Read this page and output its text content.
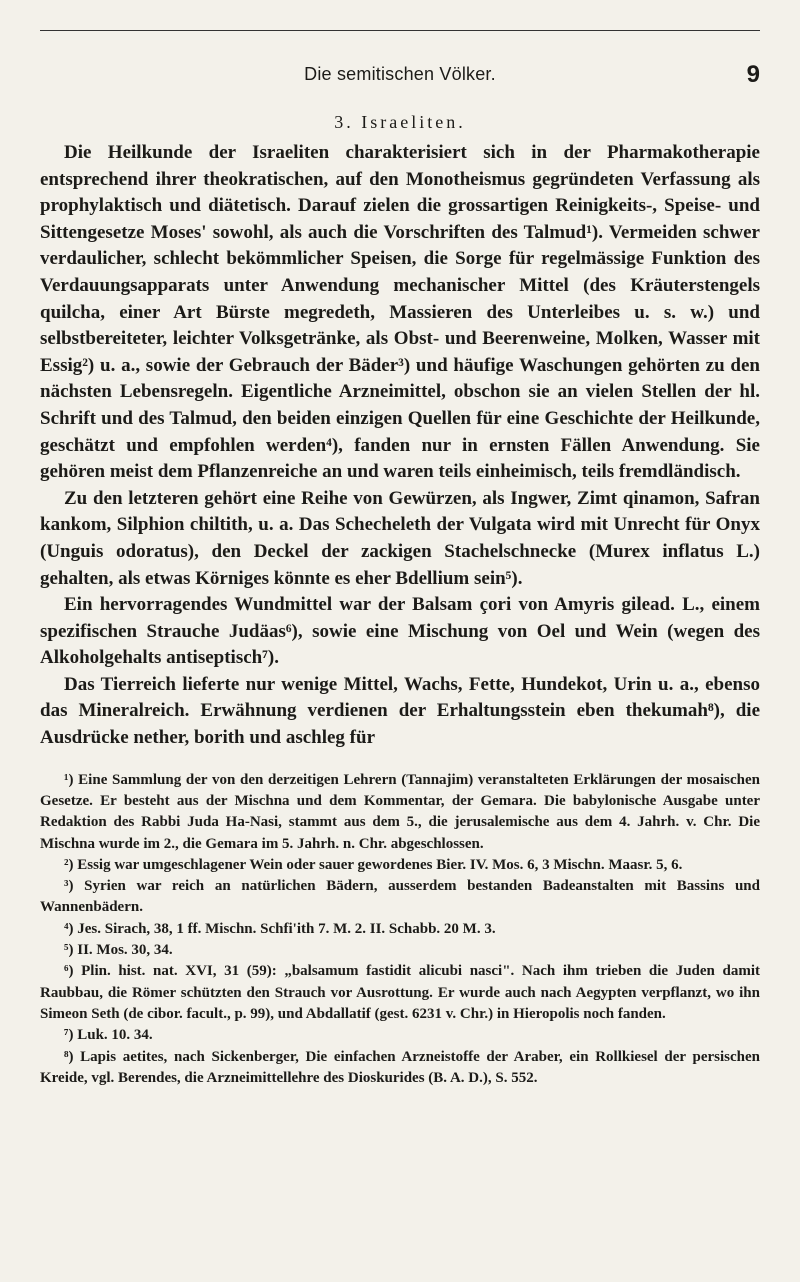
Die semitischen Völker.	9
3. Israeliten.

Die Heilkunde der Israeliten charakterisiert sich in der Pharmakotherapie entsprechend ihrer theokratischen, auf den Monotheismus gegründeten Verfassung als prophylaktisch und diätetisch. Darauf zielen die grossartigen Reinigkeits-, Speise- und Sittengesetze Moses' sowohl, als auch die Vorschriften des Talmud¹). Vermeiden schwer verdaulicher, schlecht bekömmlicher Speisen, die Sorge für regelmässige Funktion des Verdauungsapparats unter Anwendung mechanischer Mittel (des Kräuterstengels quilcha, einer Art Bürste megredeth, Massieren des Unterleibes u. s. w.) und selbstbereiteter, leichter Volksgetränke, als Obst- und Beerenweine, Molken, Wasser mit Essig²) u. a., sowie der Gebrauch der Bäder³) und häufige Waschungen gehörten zu den nächsten Lebensregeln. Eigentliche Arzneimittel, obschon sie an vielen Stellen der hl. Schrift und des Talmud, den beiden einzigen Quellen für eine Geschichte der Heilkunde, geschätzt und empfohlen werden⁴), fanden nur in ernsten Fällen Anwendung. Sie gehören meist dem Pflanzenreiche an und waren teils einheimisch, teils fremdländisch.

Zu den letzteren gehört eine Reihe von Gewürzen, als Ingwer, Zimt qinamon, Safran kankom, Silphion chiltith, u. a. Das Schecheleth der Vulgata wird mit Unrecht für Onyx (Unguis odoratus), den Deckel der zackigen Stachelschnecke (Murex inflatus L.) gehalten, als etwas Körniges könnte es eher Bdellium sein⁵).

Ein hervorragendes Wundmittel war der Balsam çori von Amyris gilead. L., einem spezifischen Strauche Judäas⁶), sowie eine Mischung von Oel und Wein (wegen des Alkoholgehalts antiseptisch⁷).

Das Tierreich lieferte nur wenige Mittel, Wachs, Fette, Hundekot, Urin u. a., ebenso das Mineralreich. Erwähnung verdienen der Erhaltungsstein eben thekumah⁸), die Ausdrücke nether, borith und aschleg für

¹) Eine Sammlung der von den derzeitigen Lehrern (Tannajim) veranstalteten Erklärungen der mosaischen Gesetze. Er besteht aus der Mischna und dem Kommentar, der Gemara. Die babylonische Ausgabe unter Redaktion des Rabbi Juda Ha-Nasi, stammt aus dem 5., die jerusalemische aus dem 4. Jahrh. v. Chr. Die Mischna wurde im 2., die Gemara im 5. Jahrh. n. Chr. abgeschlossen.

²) Essig war umgeschlagener Wein oder sauer gewordenes Bier. IV. Mos. 6, 3 Mischn. Maasr. 5, 6.

³) Syrien war reich an natürlichen Bädern, ausserdem bestanden Badeanstalten mit Bassins und Wannenbädern.

⁴) Jes. Sirach, 38, 1 ff. Mischn. Schfi'ith 7. M. 2. II. Schabb. 20 M. 3.

⁵) II. Mos. 30, 34.

⁶) Plin. hist. nat. XVI, 31 (59): „balsamum fastidit alicubi nasci". Nach ihm trieben die Juden damit Raubbau, die Römer schützten den Strauch vor Ausrottung. Er wurde auch nach Aegypten verpflanzt, wo ihn Simeon Seth (de cibor. facult., p. 99), und Abdallatif (gest. 6231 v. Chr.) in Hieropolis noch fanden.

⁷) Luk. 10. 34.

⁸) Lapis aetites, nach Sickenberger, Die einfachen Arzneistoffe der Araber, ein Rollkiesel der persischen Kreide, vgl. Berendes, die Arzneimittellehre des Dioskurides (B. A. D.), S. 552.
